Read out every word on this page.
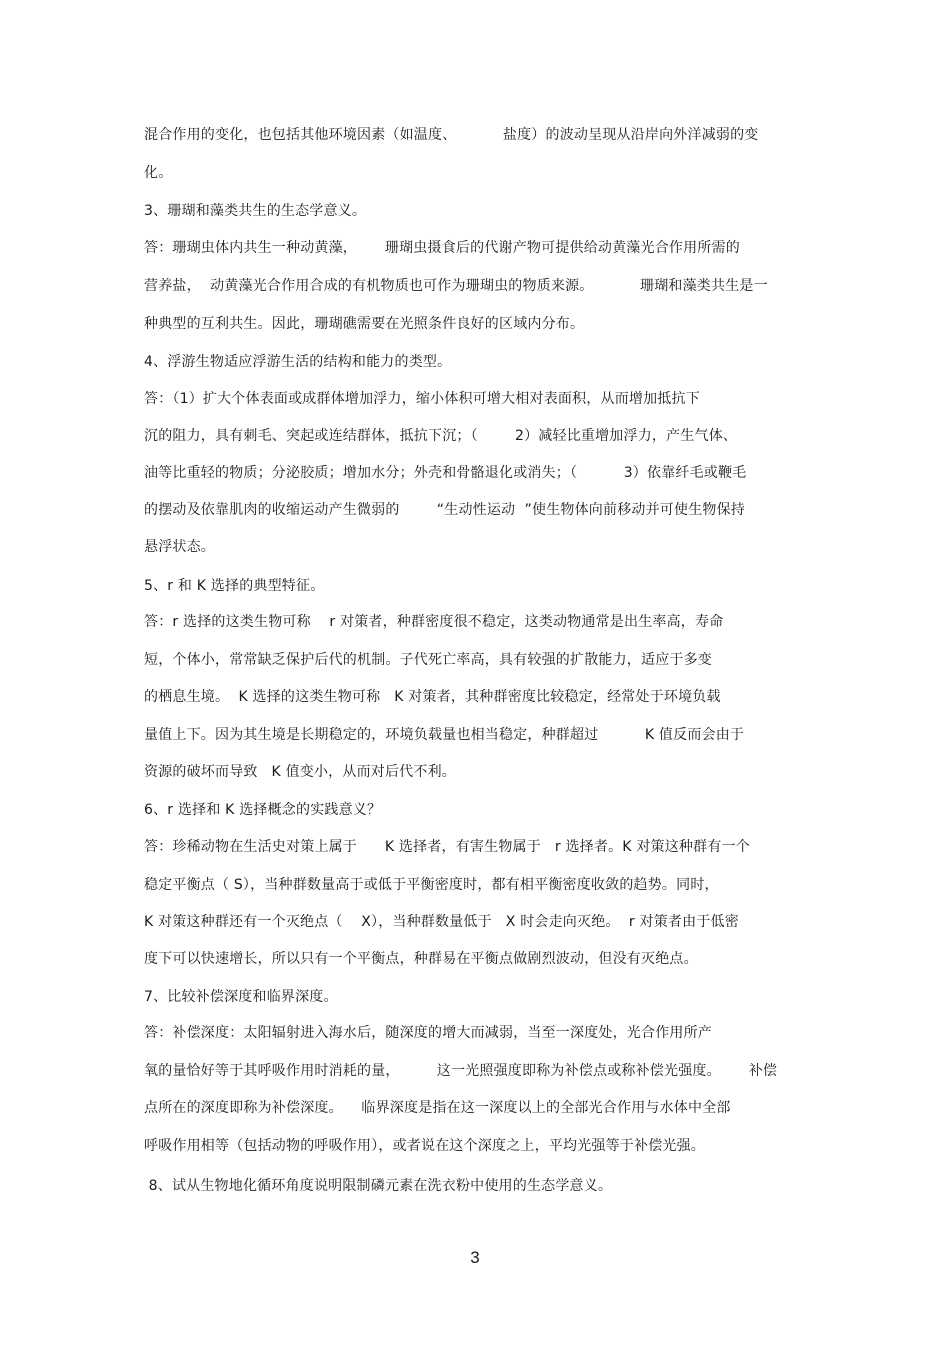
混合作用的变化，也包括其他环境因素（如温度、          盐度）的波动呈现从沿岸向外洋减弱的变
化。
3、珊瑚和藻类共生的生态学意义。
答：珊瑚虫体内共生一种动黄藻，      珊瑚虫摄食后的代谢产物可提供给动黄藻光合作用所需的
营养盐，  动黄藻光合作用合成的有机物质也可作为珊瑚虫的物质来源。          珊瑚和藻类共生是一
种典型的互利共生。因此，珊瑚礁需要在光照条件良好的区域内分布。
4、浮游生物适应浮游生活的结构和能力的类型。
答：（1）扩大个体表面或成群体增加浮力，缩小体积可增大相对表面积，从而增加抵抗下
沉的阻力，具有刺毛、突起或连结群体，抵抗下沉；（        2）减轻比重增加浮力，产生气体、
油等比重轻的物质；分泌胶质；增加水分；外壳和骨骼退化或消失；（          3）依靠纤毛或鞭毛
的摆动及依靠肌肉的收缩运动产生微弱的        “生动性运动  ”使生物体向前移动并可使生物保持
悬浮状态。
5、r 和 K 选择的典型特征。
答：r 选择的这类生物可称    r 对策者，种群密度很不稳定，这类动物通常是出生率高，寿命
短，个体小，常常缺乏保护后代的机制。子代死亡率高，具有较强的扩散能力，适应于多变
的栖息生境。  K 选择的这类生物可称   K 对策者，其种群密度比较稳定，经常处于环境负载
量值上下。因为其生境是长期稳定的，环境负载量也相当稳定，种群超过          K 值反而会由于
资源的破坏而导致   K 值变小，从而对后代不利。
6、r 选择和 K 选择概念的实践意义？
答：珍稀动物在生活史对策上属于      K 选择者，有害生物属于   r 选择者。K 对策这种群有一个
稳定平衡点（ S），当种群数量高于或低于平衡密度时，都有相平衡密度收敛的趋势。同时，
K 对策这种群还有一个灭绝点（    X），当种群数量低于   X 时会走向灭绝。  r 对策者由于低密
度下可以快速增长，所以只有一个平衡点，种群易在平衡点做剧烈波动，但没有灭绝点。
7、比较补偿深度和临界深度。
答：补偿深度：太阳辐射进入海水后，随深度的增大而减弱，当至一深度处，光合作用所产
氧的量恰好等于其呼吸作用时消耗的量，        这一光照强度即称为补偿点或称补偿光强度。      补偿
点所在的深度即称为补偿深度。    临界深度是指在这一深度以上的全部光合作用与水体中全部
呼吸作用相等（包括动物的呼吸作用），或者说在这个深度之上，平均光强等于补偿光强。
8、试从生物地化循环角度说明限制磷元素在洗衣粉中使用的生态学意义。
3
